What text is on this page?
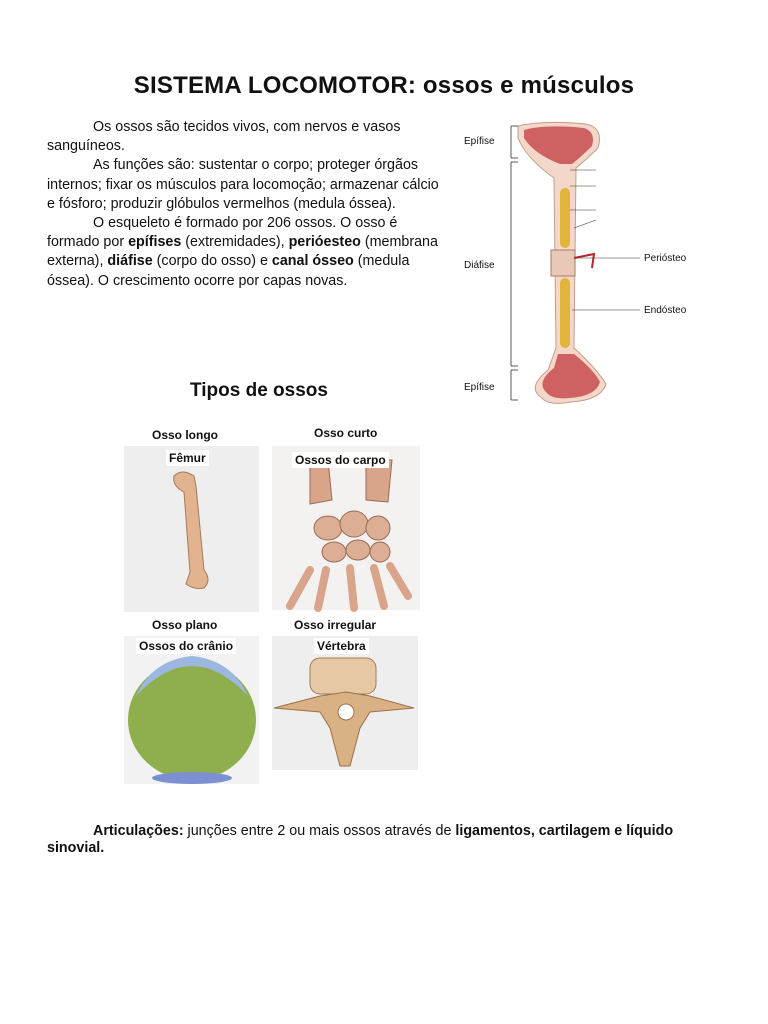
SISTEMA LOCOMOTOR: ossos e músculos

Os ossos são tecidos vivos, com nervos e vasos sanguíneos.

As funções são: sustentar o corpo; proteger órgãos internos; fixar os músculos para locomoção; armazenar cálcio e fósforo; produzir glóbulos vermelhos (medula óssea).

O esqueleto é formado por 206 ossos. O osso é formado por epífises (extremidades), perióesteo (membrana externa), diáfise (corpo do osso) e canal ósseo (medula óssea). O crescimento ocorre por capas novas.

Epífise
Diáfise
Epífise
Periósteo
Endósteo
Tipos de ossos
Osso longo
Fêmur
Osso curto
Ossos do carpo
Osso plano
Ossos do crânio
Osso irregular
Vértebra
Articulações: junções entre 2 ou mais ossos através de ligamentos, cartilagem e líquido sinovial.
